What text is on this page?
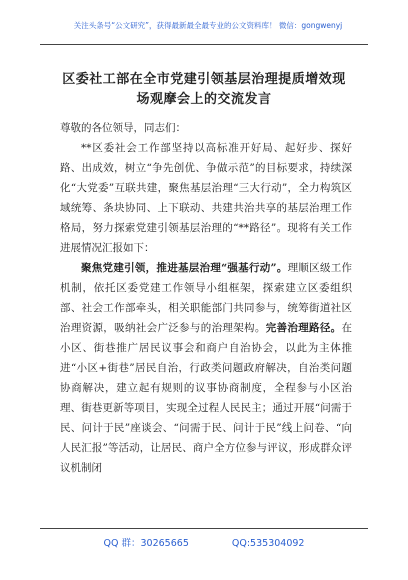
关注头条号“公文研究”，获得最新最全最专业的公文资料库！ 微信：gongwenyj
区委社工部在全市党建引领基层治理提质增效现场观摩会上的交流发言

尊敬的各位领导，同志们：

**区委社会工作部坚持以高标准开好局、起好步、探好路、出成效，树立“争先创优、争做示范”的目标要求，持续深化“大党委”互联共建，聚焦基层治理“三大行动”，全力构筑区域统筹、条块协同、上下联动、共建共治共享的基层治理工作格局，努力探索党建引领基层治理的“**路径”。现将有关工作进展情况汇报如下：

聚焦党建引领，推进基层治理“强基行动”。理顺区级工作机制，依托区委党建工作领导小组框架，探索建立区委组织部、社会工作部牵头，相关职能部门共同参与，统筹街道社区治理资源，吸纳社会广泛参与的治理架构。完善治理路径。在小区、街巷推广居民议事会和商户自治协会，以此为主体推进“小区+街巷”居民自治，行政类问题政府解决，自治类问题协商解决，建立起有规则的议事协商制度，全程参与小区治理、街巷更新等项目，实现全过程人民民主；通过开展“问需于民、问计于民”座谈会、“问需于民、问计于民”线上问卷、“向人民汇报”等活动，让居民、商户全方位参与评议，形成群众评议机制闭

QQ 群：30265665	QQ:535304092
